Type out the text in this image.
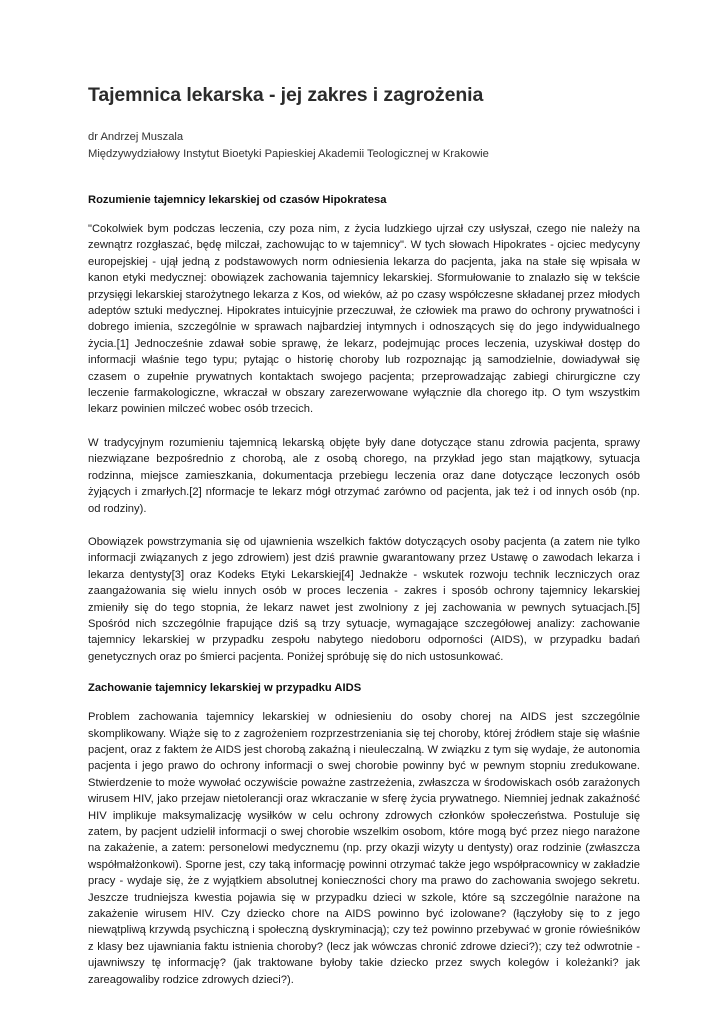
Tajemnica lekarska - jej zakres i zagrożenia
dr Andrzej Muszala
Międzywydziałowy Instytut Bioetyki Papieskiej Akademii Teologicznej w Krakowie
Rozumienie tajemnicy lekarskiej od czasów Hipokratesa

"Cokolwiek bym podczas leczenia, czy poza nim, z życia ludzkiego ujrzał czy usłyszał, czego nie należy na zewnątrz rozgłaszać, będę milczał, zachowując to w tajemnicy". W tych słowach Hipokrates - ojciec medycyny europejskiej - ujął jedną z podstawowych norm odniesienia lekarza do pacjenta, jaka na stałe się wpisała w kanon etyki medycznej: obowiązek zachowania tajemnicy lekarskiej. Sformułowanie to znalazło się w tekście przysięgi lekarskiej starożytnego lekarza z Kos, od wieków, aż po czasy współczesne składanej przez młodych adeptów sztuki medycznej. Hipokrates intuicyjnie przeczuwał, że człowiek ma prawo do ochrony prywatności i dobrego imienia, szczególnie w sprawach najbardziej intymnych i odnoszących się do jego indywidualnego życia.[1] Jednocześnie zdawał sobie sprawę, że lekarz, podejmując proces leczenia, uzyskiwał dostęp do informacji właśnie tego typu; pytając o historię choroby lub rozpoznając ją samodzielnie, dowiadywał się czasem o zupełnie prywatnych kontaktach swojego pacjenta; przeprowadzając zabiegi chirurgiczne czy leczenie farmakologiczne, wkraczał w obszary zarezerwowane wyłącznie dla chorego itp. O tym wszystkim lekarz powinien milczeć wobec osób trzecich.

W tradycyjnym rozumieniu tajemnicą lekarską objęte były dane dotyczące stanu zdrowia pacjenta, sprawy niezwiązane bezpośrednio z chorobą, ale z osobą chorego, na przykład jego stan majątkowy, sytuacja rodzinna, miejsce zamieszkania, dokumentacja przebiegu leczenia oraz dane dotyczące leczonych osób żyjących i zmarłych.[2] nformacje te lekarz mógł otrzymać zarówno od pacjenta, jak też i od innych osób (np. od rodziny).

Obowiązek powstrzymania się od ujawnienia wszelkich faktów dotyczących osoby pacjenta (a zatem nie tylko informacji związanych z jego zdrowiem) jest dziś prawnie gwarantowany przez Ustawę o zawodach lekarza i lekarza dentysty[3] oraz Kodeks Etyki Lekarskiej[4] Jednakże - wskutek rozwoju technik leczniczych oraz zaangażowania się wielu innych osób w proces leczenia - zakres i sposób ochrony tajemnicy lekarskiej zmieniły się do tego stopnia, że lekarz nawet jest zwolniony z jej zachowania w pewnych sytuacjach.[5] Spośród nich szczególnie frapujące dziś są trzy sytuacje, wymagające szczegółowej analizy: zachowanie tajemnicy lekarskiej w przypadku zespołu nabytego niedoboru odporności (AIDS), w przypadku badań genetycznych oraz po śmierci pacjenta. Poniżej spróbuję się do nich ustosunkować.

Zachowanie tajemnicy lekarskiej w przypadku AIDS

Problem zachowania tajemnicy lekarskiej w odniesieniu do osoby chorej na AIDS jest szczególnie skomplikowany. Wiąże się to z zagrożeniem rozprzestrzeniania się tej choroby, której źródłem staje się właśnie pacjent, oraz z faktem że AIDS jest chorobą zakaźną i nieuleczalną. W związku z tym się wydaje, że autonomia pacjenta i jego prawo do ochrony informacji o swej chorobie powinny być w pewnym stopniu zredukowane. Stwierdzenie to może wywołać oczywiście poważne zastrzeżenia, zwłaszcza w środowiskach osób zarażonych wirusem HIV, jako przejaw nietolerancji oraz wkraczanie w sferę życia prywatnego. Niemniej jednak zakaźność HIV implikuje maksymalizację wysiłków w celu ochrony zdrowych członków społeczeństwa. Postuluje się zatem, by pacjent udzielił informacji o swej chorobie wszelkim osobom, które mogą być przez niego narażone na zakażenie, a zatem: personelowi medycznemu (np. przy okazji wizyty u dentysty) oraz rodzinie (zwłaszcza współmałżonkowi). Sporne jest, czy taką informację powinni otrzymać także jego współpracownicy w zakładzie pracy - wydaje się, że z wyjątkiem absolutnej konieczności chory ma prawo do zachowania swojego sekretu. Jeszcze trudniejsza kwestia pojawia się w przypadku dzieci w szkole, które są szczególnie narażone na zakażenie wirusem HIV. Czy dziecko chore na AIDS powinno być izolowane? (łączyłoby się to z jego niewątpliwą krzywdą psychiczną i społeczną dyskryminacją); czy też powinno przebywać w gronie rówieśników z klasy bez ujawniania faktu istnienia choroby? (lecz jak wówczas chronić zdrowe dzieci?); czy też odwrotnie - ujawniwszy tę informację? (jak traktowane byłoby takie dziecko przez swych kolegów i koleżanki? jak zareagowaliby rodzice zdrowych dzieci?).
